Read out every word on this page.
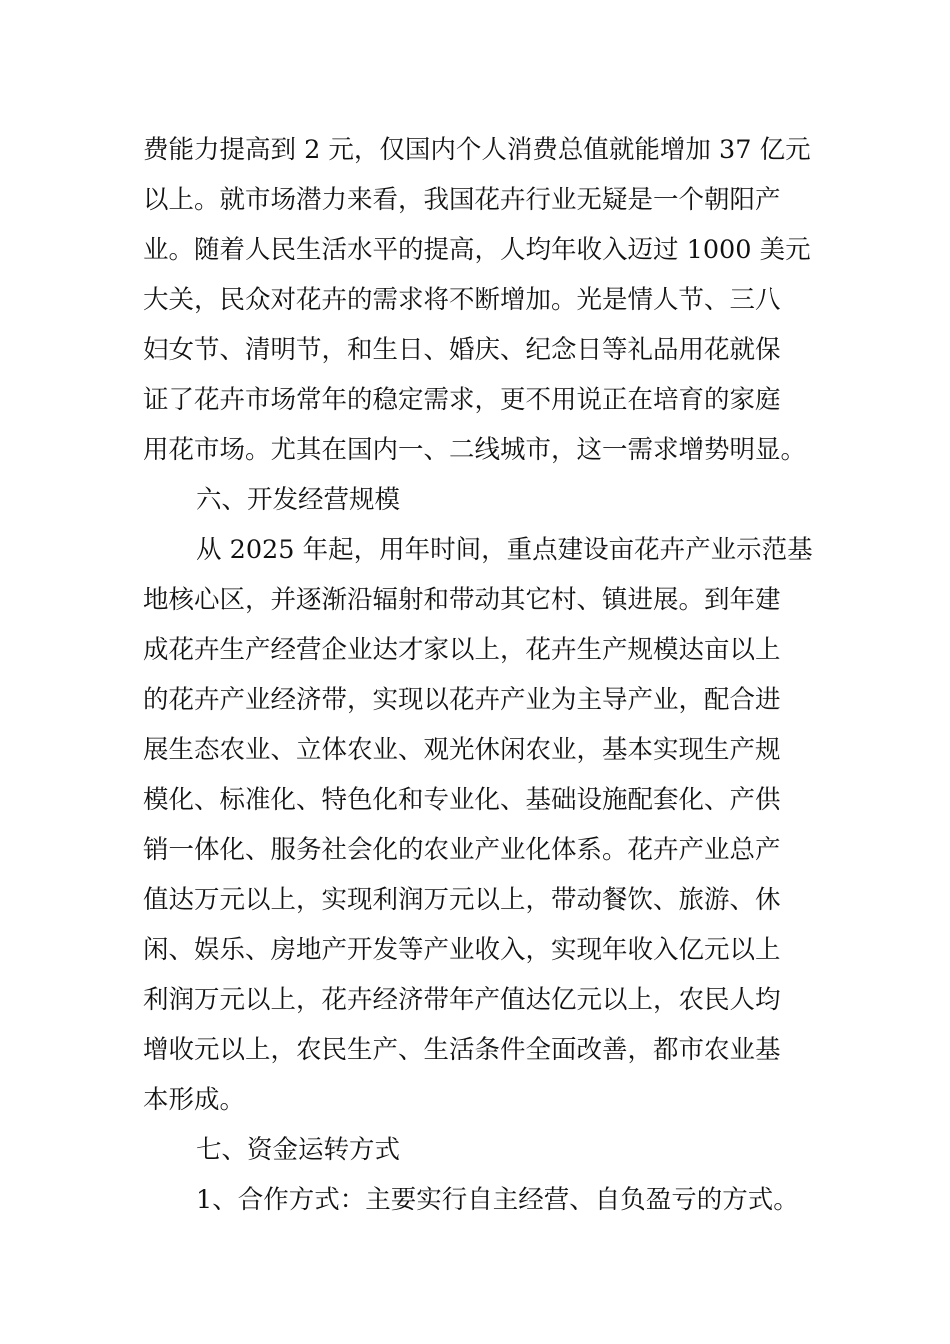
费能力提高到 2 元，仅国内个人消费总值就能增加 37 亿元
以上。就市场潜力来看，我国花卉行业无疑是一个朝阳产
业。随着人民生活水平的提高，人均年收入迈过 1000 美元
大关，民众对花卉的需求将不断增加。光是情人节、三八
妇女节、清明节，和生日、婚庆、纪念日等礼品用花就保
证了花卉市场常年的稳定需求，更不用说正在培育的家庭
用花市场。尤其在国内一、二线城市，这一需求增势明显。
六、开发经营规模
从 2025 年起，用年时间，重点建设亩花卉产业示范基
地核心区，并逐渐沿辐射和带动其它村、镇进展。到年建
成花卉生产经营企业达才家以上，花卉生产规模达亩以上
的花卉产业经济带，实现以花卉产业为主导产业，配合进
展生态农业、立体农业、观光休闲农业，基本实现生产规
模化、标准化、特色化和专业化、基础设施配套化、产供
销一体化、服务社会化的农业产业化体系。花卉产业总产
值达万元以上，实现利润万元以上，带动餐饮、旅游、休
闲、娱乐、房地产开发等产业收入，实现年收入亿元以上
利润万元以上，花卉经济带年产值达亿元以上，农民人均
增收元以上，农民生产、生活条件全面改善，都市农业基
本形成。
七、资金运转方式
1、合作方式：主要实行自主经营、自负盈亏的方式。
